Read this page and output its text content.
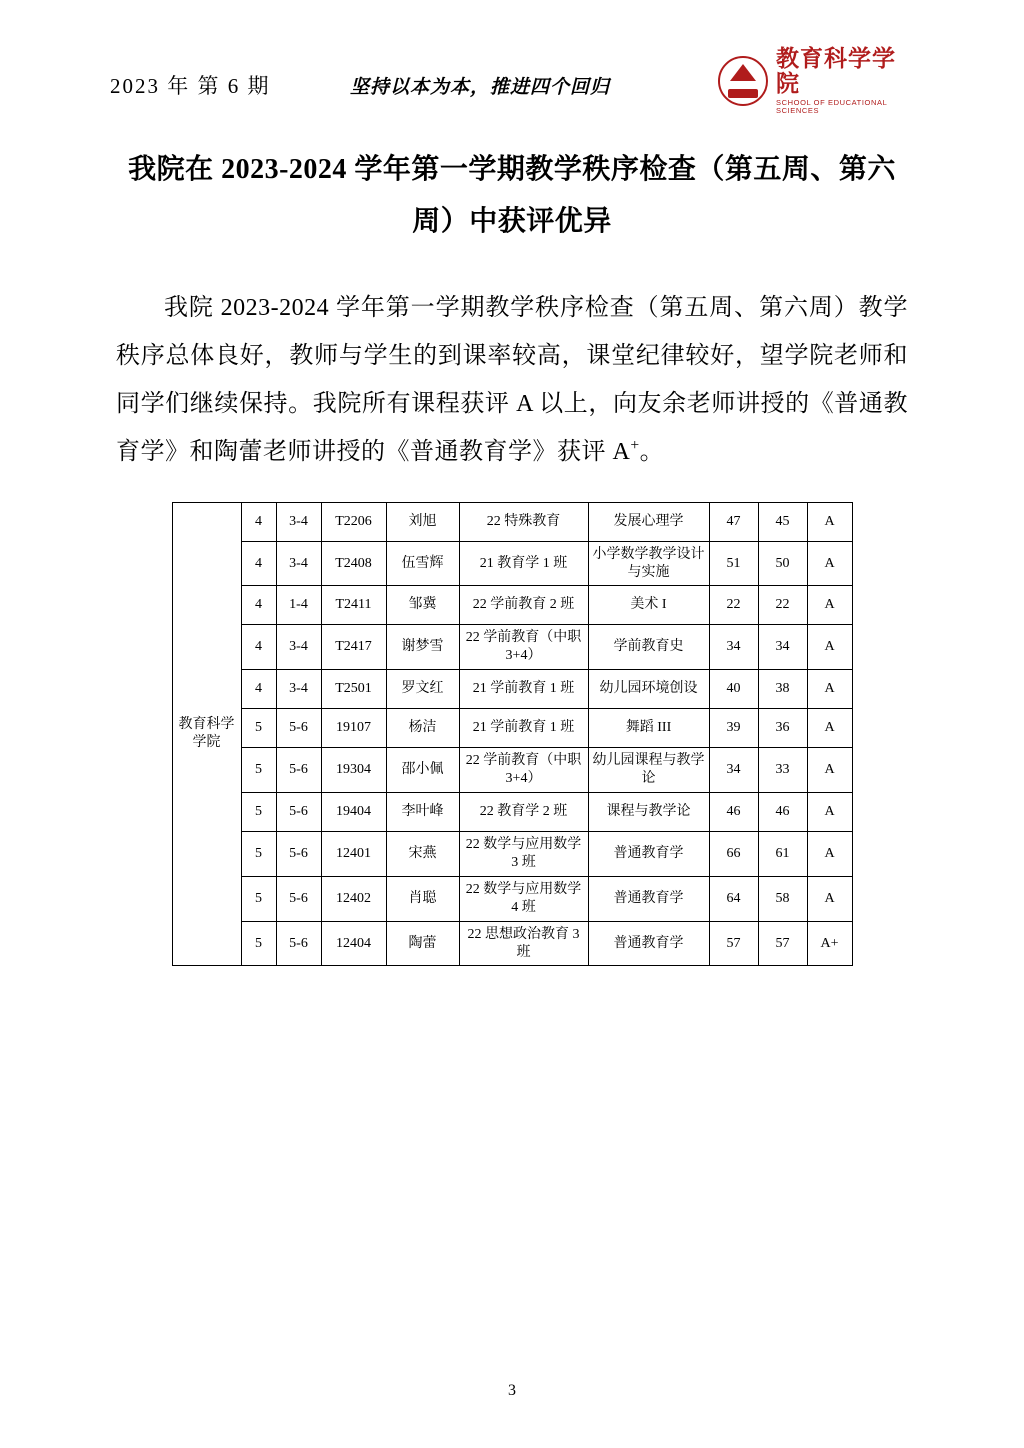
2023 年 第 6 期	坚持以本为本，推进四个回归
教育科学学院
SCHOOL OF EDUCATIONAL SCIENCES
我院在 2023-2024 学年第一学期教学秩序检查（第五周、第六周）中获评优异
我院 2023-2024 学年第一学期教学秩序检查（第五周、第六周）教学秩序总体良好，教师与学生的到课率较高，课堂纪律较好，望学院老师和同学们继续保持。我院所有课程获评 A 以上，向友余老师讲授的《普通教育学》和陶蕾老师讲授的《普通教育学》获评 A+。
教育科学学院	4	3-4	T2206	刘旭	22 特殊教育	发展心理学	47	45	A
	4	3-4	T2408	伍雪辉	21 教育学 1 班	小学数学教学设计与实施	51	50	A
	4	1-4	T2411	邹冀	22 学前教育 2 班	美术 I	22	22	A
	4	3-4	T2417	谢梦雪	22 学前教育（中职 3+4）	学前教育史	34	34	A
	4	3-4	T2501	罗文红	21 学前教育 1 班	幼儿园环境创设	40	38	A
	5	5-6	19107	杨洁	21 学前教育 1 班	舞蹈 III	39	36	A
	5	5-6	19304	邵小佩	22 学前教育（中职 3+4）	幼儿园课程与教学论	34	33	A
	5	5-6	19404	李叶峰	22 教育学 2 班	课程与教学论	46	46	A
	5	5-6	12401	宋燕	22 数学与应用数学 3 班	普通教育学	66	61	A
	5	5-6	12402	肖聪	22 数学与应用数学 4 班	普通教育学	64	58	A
	5	5-6	12404	陶蕾	22 思想政治教育 3 班	普通教育学	57	57	A+
3
